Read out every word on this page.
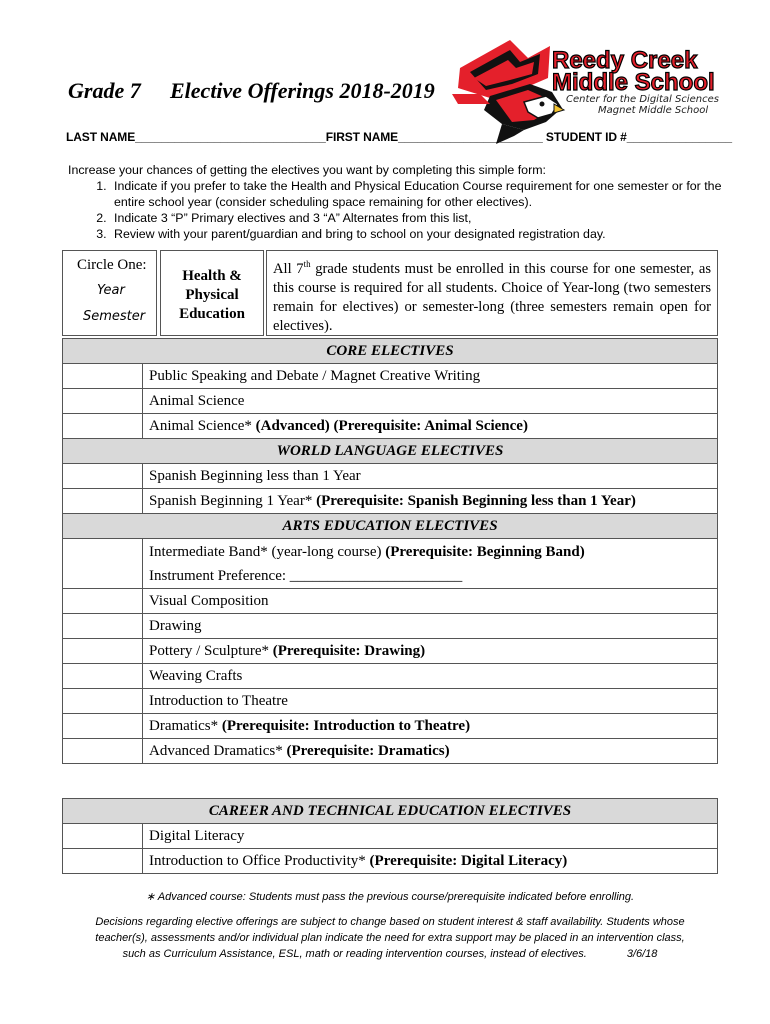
Grade 7 Elective Offerings 2018-2019
Reedy Creek
Middle School
Center for the Digital Sciences
Magnet Middle School
LAST NAME_____________________________FIRST NAME______________________ STUDENT ID #________________
Increase your chances of getting the electives you want by completing this simple form:
1. Indicate if you prefer to take the Health and Physical Education Course requirement for one semester or for the entire school year (consider scheduling space remaining for other electives).
2. Indicate 3 “P” Primary electives and 3 “A” Alternates from this list,
3. Review with your parent/guardian and bring to school on your designated registration day.
Circle One:
Year
Semester
Health & Physical Education
All 7th grade students must be enrolled in this course for one semester, as this course is required for all students. Choice of Year-long (two semesters remain for electives) or semester-long (three semesters remain open for electives).
CORE ELECTIVES	
	Public Speaking and Debate / Magnet Creative Writing
	Animal Science
	Animal Science* (Advanced) (Prerequisite: Animal Science)
WORLD LANGUAGE ELECTIVES	
	Spanish Beginning less than 1 Year
	Spanish Beginning 1 Year* (Prerequisite: Spanish Beginning less than 1 Year)
ARTS EDUCATION ELECTIVES	
	Intermediate Band* (year-long course) (Prerequisite: Beginning Band)
Instrument Preference: _______________________
	Visual Composition
	Drawing
	Pottery / Sculpture* (Prerequisite: Drawing)
	Weaving Crafts
	Introduction to Theatre
	Dramatics* (Prerequisite: Introduction to Theatre)
	Advanced Dramatics* (Prerequisite: Dramatics)
CAREER AND TECHNICAL EDUCATION ELECTIVES	
	Digital Literacy
	Introduction to Office Productivity* (Prerequisite: Digital Literacy)
∗ Advanced course: Students must pass the previous course/prerequisite indicated before enrolling.
Decisions regarding elective offerings are subject to change based on student interest & staff availability. Students whose
teacher(s), assessments and/or individual plan indicate the need for extra support may be placed in an intervention class,
such as Curriculum Assistance, ESL, math or reading intervention courses, instead of electives.	3/6/18
